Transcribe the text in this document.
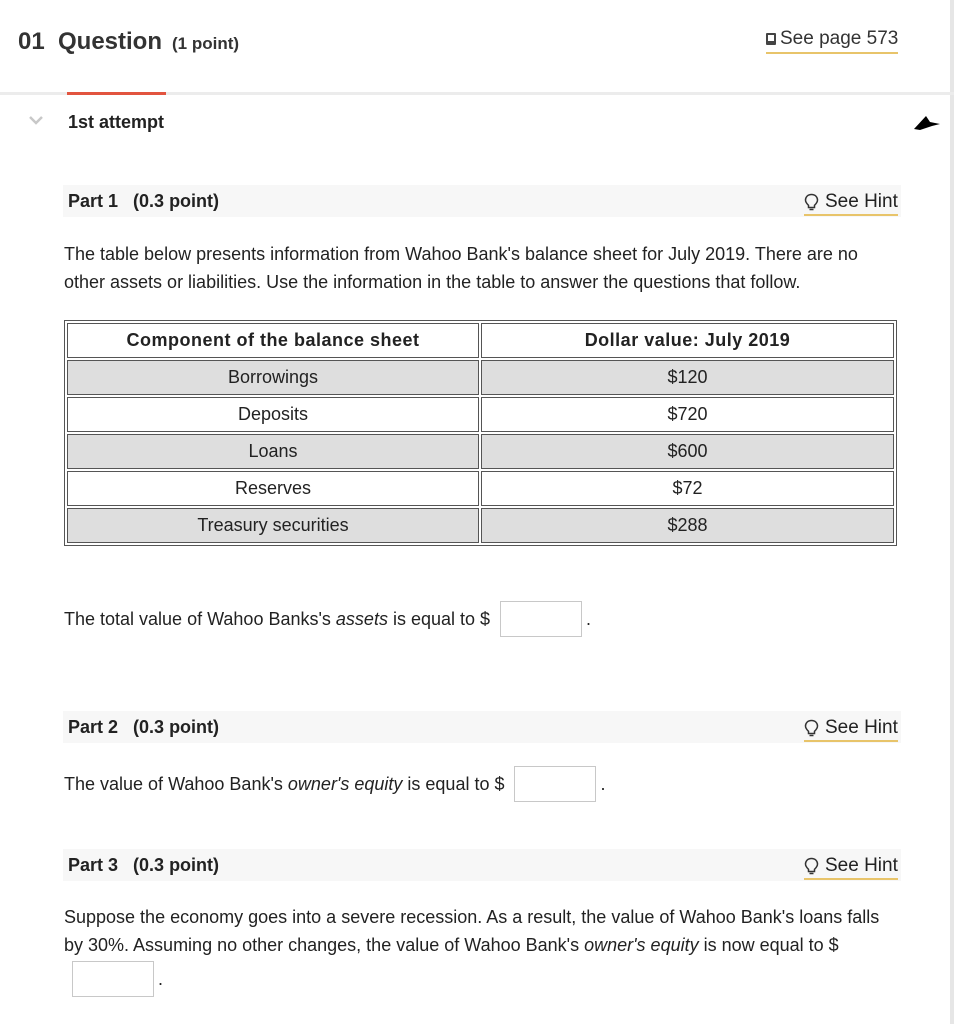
01 Question (1 point)	See page 573
1st attempt
Part 1 (0.3 point)	See Hint
The table below presents information from Wahoo Bank's balance sheet for July 2019. There are no
other assets or liabilities. Use the information in the table to answer the questions that follow.
Component of the balance sheet	Dollar value: July 2019
Borrowings	$120
Deposits	$720
Loans	$600
Reserves	$72
Treasury securities	$288
The total value of Wahoo Banks's assets is equal to $	.
Part 2 (0.3 point)	See Hint
The value of Wahoo Bank's owner's equity is equal to $	.
Part 3 (0.3 point)	See Hint
Suppose the economy goes into a severe recession. As a result, the value of Wahoo Bank's loans falls
by 30%. Assuming no other changes, the value of Wahoo Bank's owner's equity is now equal to $
.
